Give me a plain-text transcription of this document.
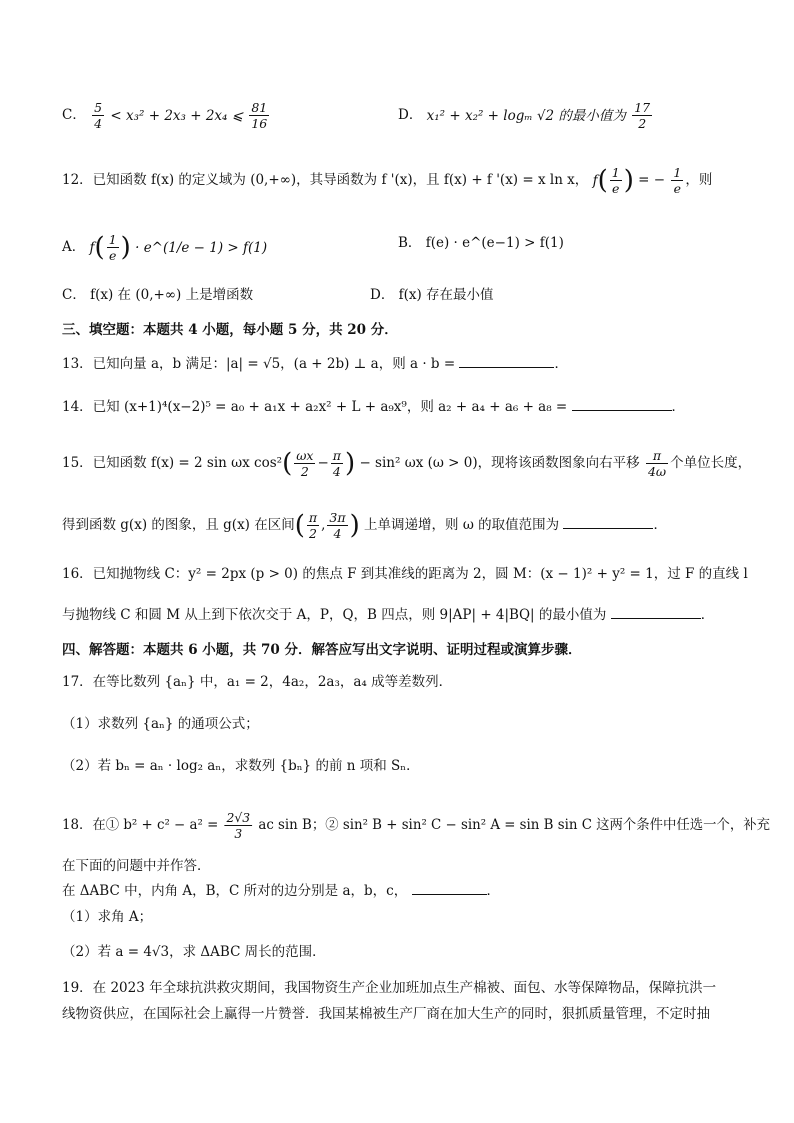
C． $\frac{5}{4} < x_3^2 + 2x_3 + 2x_4$ ⩽ $\frac{81}{16}$	D． x₁² + x₂² + logₘ √2 的最小值为 $\frac{17}{2}$
12．已知函数 f(x) 的定义域为 (0,+∞)，其导函数为 f '(x)，且 f(x) + f '(x) = x ln x， $f( \frac{1}{e}$ ) = − $\frac{1}{e}$ ，则
A． $f( \frac{1}{e}$ ) · e^(1/e − 1) > f(1)	B． f(e) · e^(e−1) > f(1)
C． f(x) 在 (0,+∞) 上是增函数	D． f(x) 存在最小值
三、填空题：本题共 4 小题，每小题 5 分，共 20 分．
13．已知向量 a，b 满足：|a| = √5，(a + 2b) ⊥ a，则 a · b =	．
14．已知 (x+1)⁴(x−2)⁵ = a₀ + a₁x + a₂x² + L + a₉x⁹，则 a₂ + a₄ + a₆ + a₈ =	．
15．已知函数 f(x) = 2 sin ωx $\cos^2( \frac{\omega x}{2} - \frac{\pi}{4}$ ) − sin² ωx (ω > 0)，现将该函数图象向右平移 $\frac{\pi}{4\omega}$ 个单位长度，
得到函数 g(x) 的图象，且 g(x) 在区间( $\frac{\pi}{2}$ , $\frac{3\pi}{4}$ ) 上单调递增，则 ω 的取值范围为	．
16．已知抛物线 C：y² = 2px (p > 0) 的焦点 F 到其准线的距离为 2，圆 M：(x − 1)² + y² = 1，过 F 的直线 l
与抛物线 C 和圆 M 从上到下依次交于 A，P，Q，B 四点，则 9|AP| + 4|BQ| 的最小值为	．
四、解答题：本题共 6 小题，共 70 分．解答应写出文字说明、证明过程或演算步骤．
17．在等比数列 {aₙ} 中，a₁ = 2，4a₂，2a₃，a₄ 成等差数列．
（1）求数列 {aₙ} 的通项公式；
（2）若 bₙ = aₙ · log₂ aₙ，求数列 {bₙ} 的前 n 项和 Sₙ．
18．在① $b^2 + c^2 - a^2 = \frac{2√3}{3}$ ac sin B；② sin² B + sin² C − sin² A = sin B sin C 这两个条件中任选一个，补充
在下面的问题中并作答．
在 ΔABC 中，内角 A，B，C 所对的边分别是 a，b，c，	．
（1）求角 A；
（2）若 a = 4√3，求 ΔABC 周长的范围．
19．在 2023 年全球抗洪救灾期间，我国物资生产企业加班加点生产棉被、面包、水等保障物品，保障抗洪一
线物资供应，在国际社会上赢得一片赞誉．我国某棉被生产厂商在加大生产的同时，狠抓质量管理，不定时抽
